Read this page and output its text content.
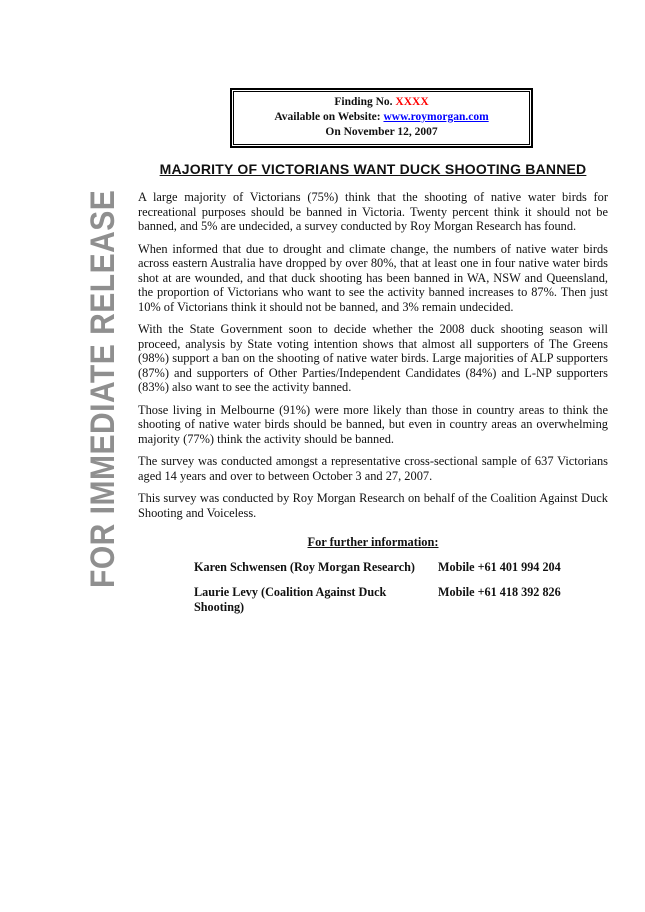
FOR IMMEDIATE RELEASE
Finding No. XXXX
Available on Website: www.roymorgan.com
On November 12, 2007
MAJORITY OF VICTORIANS WANT DUCK SHOOTING BANNED

A large majority of Victorians (75%) think that the shooting of native water birds for recreational purposes should be banned in Victoria. Twenty percent think it should not be banned, and 5% are undecided, a survey conducted by Roy Morgan Research has found.

When informed that due to drought and climate change, the numbers of native water birds across eastern Australia have dropped by over 80%, that at least one in four native water birds shot at are wounded, and that duck shooting has been banned in WA, NSW and Queensland, the proportion of Victorians who want to see the activity banned increases to 87%. Then just 10% of Victorians think it should not be banned, and 3% remain undecided.

With the State Government soon to decide whether the 2008 duck shooting season will proceed, analysis by State voting intention shows that almost all supporters of The Greens (98%) support a ban on the shooting of native water birds. Large majorities of ALP supporters (87%) and supporters of Other Parties/Independent Candidates (84%) and L-NP supporters (83%) also want to see the activity banned.

Those living in Melbourne (91%) were more likely than those in country areas to think the shooting of native water birds should be banned, but even in country areas an overwhelming majority (77%) think the activity should be banned.

The survey was conducted amongst a representative cross-sectional sample of 637 Victorians aged 14 years and over to between October 3 and 27, 2007.

This survey was conducted by Roy Morgan Research on behalf of the Coalition Against Duck Shooting and Voiceless.

For further information:
Karen Schwensen (Roy Morgan Research)	Mobile +61 401 994 204
Laurie Levy (Coalition Against Duck Shooting)
Mobile +61 418 392 826
